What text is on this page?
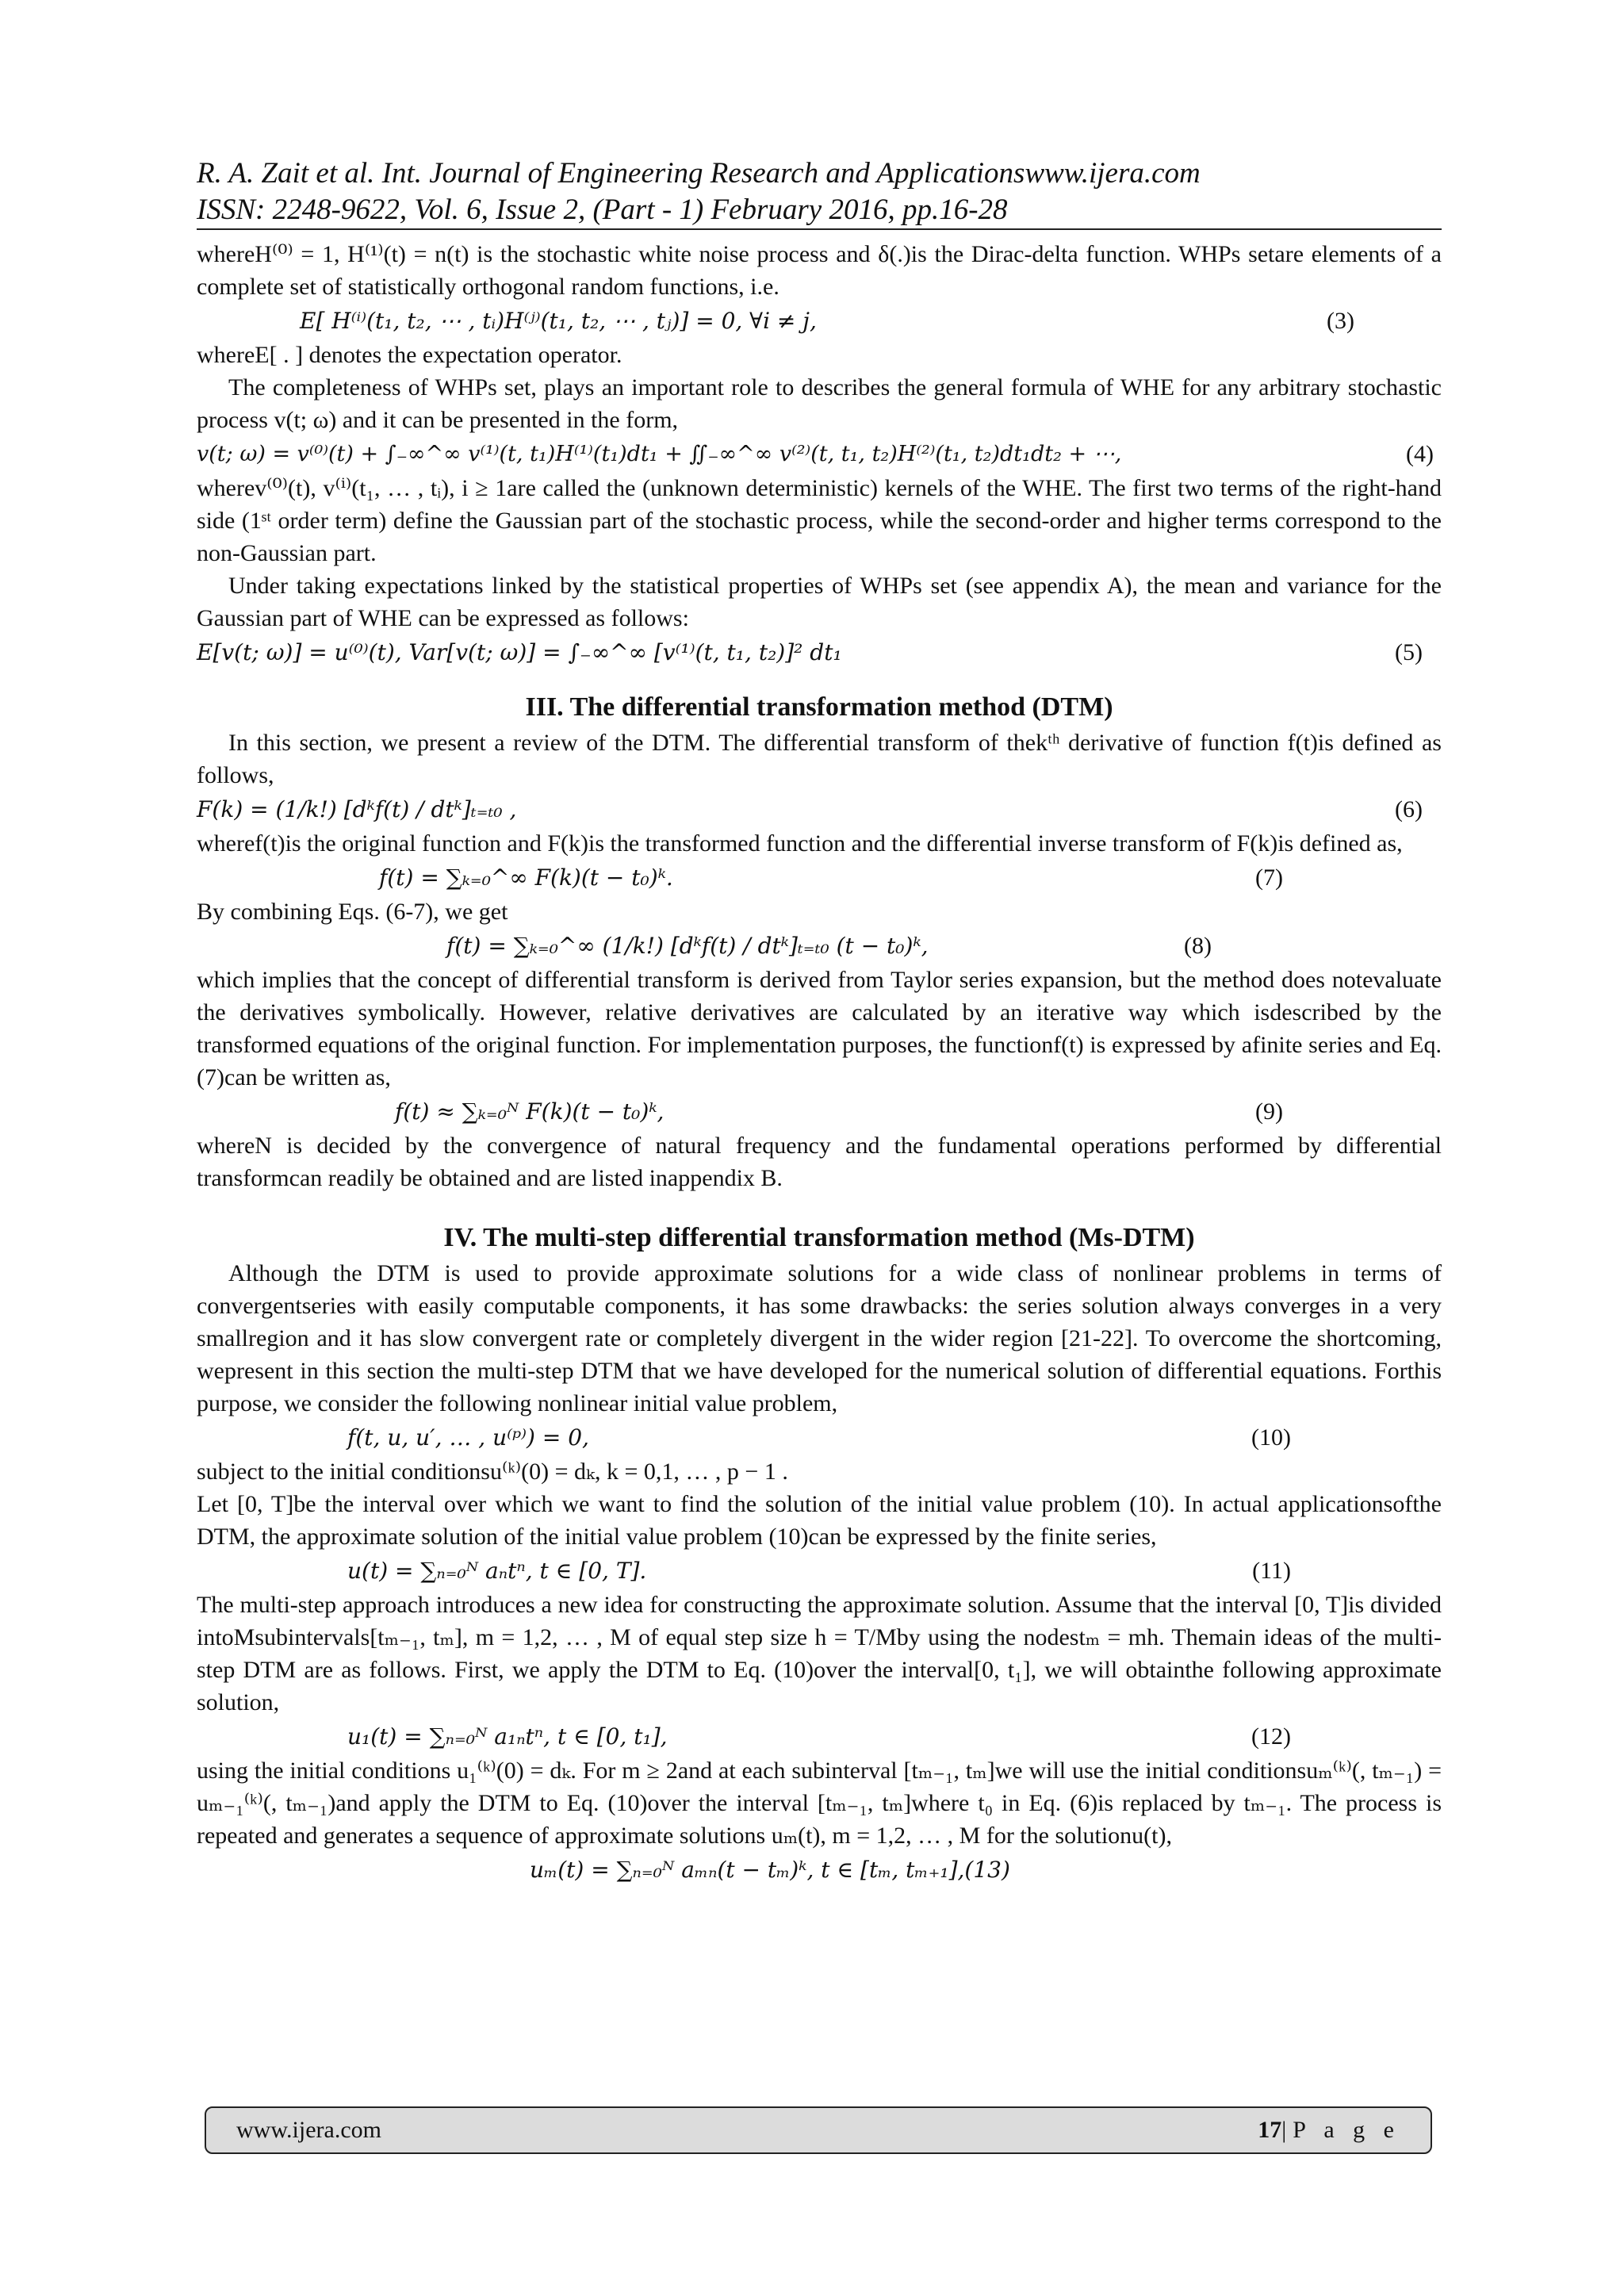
R. A. Zait et al. Int. Journal of Engineering Research and Applicationswww.ijera.com
ISSN: 2248-9622, Vol. 6, Issue 2, (Part - 1) February 2016, pp.16-28

whereH⁽⁰⁾ = 1, H⁽¹⁾(t) = n(t) is the stochastic white noise process and δ(.)is the Dirac-delta function. WHPs setare elements of a complete set of statistically orthogonal random functions, i.e.

E[ H⁽ⁱ⁾(t₁, t₂, ⋯ , tᵢ)H⁽ʲ⁾(t₁, t₂, ⋯ , tⱼ)] = 0, ∀i ≠ j,	(3)

whereE[ . ] denotes the expectation operator.

The completeness of WHPs set, plays an important role to describes the general formula of WHE for any arbitrary stochastic process v(t; ω) and it can be presented in the form,

v(t; ω) = v⁽⁰⁾(t) + ∫₋∞^∞ v⁽¹⁾(t, t₁)H⁽¹⁾(t₁)dt₁ + ∬₋∞^∞ v⁽²⁾(t, t₁, t₂)H⁽²⁾(t₁, t₂)dt₁dt₂ + ⋯,	(4)

wherev⁽⁰⁾(t), v⁽ⁱ⁾(t₁, … , tᵢ), i ≥ 1are called the (unknown deterministic) kernels of the WHE. The first two terms of the right-hand side (1ˢᵗ order term) define the Gaussian part of the stochastic process, while the second-order and higher terms correspond to the non-Gaussian part.

Under taking expectations linked by the statistical properties of WHPs set (see appendix A), the mean and variance for the Gaussian part of WHE can be expressed as follows:

E[v(t; ω)] = u⁽⁰⁾(t), Var[v(t; ω)] = ∫₋∞^∞ [v⁽¹⁾(t, t₁, t₂)]² dt₁	(5)
III. The differential transformation method (DTM)

In this section, we present a review of the DTM. The differential transform of thekᵗʰ derivative of function f(t)is defined as follows,

F(k) = (1/k!) [dᵏf(t) / dtᵏ]ₜ₌ₜ₀ ,	(6)

wheref(t)is the original function and F(k)is the transformed function and the differential inverse transform of F(k)is defined as,

f(t) = ∑ₖ₌₀^∞ F(k)(t − t₀)ᵏ.	(7)

By combining Eqs. (6-7), we get

f(t) = ∑ₖ₌₀^∞ (1/k!) [dᵏf(t) / dtᵏ]ₜ₌ₜ₀ (t − t₀)ᵏ,	(8)

which implies that the concept of differential transform is derived from Taylor series expansion, but the method does notevaluate the derivatives symbolically. However, relative derivatives are calculated by an iterative way which isdescribed by the transformed equations of the original function. For implementation purposes, the functionf(t) is expressed by afinite series and Eq. (7)can be written as,

f(t) ≈ ∑ₖ₌₀ᴺ F(k)(t − t₀)ᵏ,	(9)

whereN is decided by the convergence of natural frequency and the fundamental operations performed by differential transformcan readily be obtained and are listed inappendix B.

IV. The multi-step differential transformation method (Ms-DTM)

Although the DTM is used to provide approximate solutions for a wide class of nonlinear problems in terms of convergentseries with easily computable components, it has some drawbacks: the series solution always converges in a very smallregion and it has slow convergent rate or completely divergent in the wider region [21-22]. To overcome the shortcoming, wepresent in this section the multi-step DTM that we have developed for the numerical solution of differential equations. Forthis purpose, we consider the following nonlinear initial value problem,

f(t, u, u′, … , u⁽ᵖ⁾) = 0,	(10)

subject to the initial conditionsu⁽ᵏ⁾(0) = dₖ, k = 0,1, … , p − 1 .

Let [0, T]be the interval over which we want to find the solution of the initial value problem (10). In actual applicationsofthe DTM, the approximate solution of the initial value problem (10)can be expressed by the finite series,

u(t) = ∑ₙ₌₀ᴺ aₙtⁿ, t ∈ [0, T].	(11)

The multi-step approach introduces a new idea for constructing the approximate solution. Assume that the interval [0, T]is divided intoMsubintervals[tₘ₋₁, tₘ], m = 1,2, … , M of equal step size h = T/Mby using the nodestₘ = mh. Themain ideas of the multi-step DTM are as follows. First, we apply the DTM to Eq. (10)over the interval[0, t₁], we will obtainthe following approximate solution,

u₁(t) = ∑ₙ₌₀ᴺ a₁ₙtⁿ, t ∈ [0, t₁],	(12)

using the initial conditions u₁⁽ᵏ⁾(0) = dₖ. For m ≥ 2and at each subinterval [tₘ₋₁, tₘ]we will use the initial conditionsuₘ⁽ᵏ⁾(, tₘ₋₁) = uₘ₋₁⁽ᵏ⁾(, tₘ₋₁)and apply the DTM to Eq. (10)over the interval [tₘ₋₁, tₘ]where t₀ in Eq. (6)is replaced by tₘ₋₁. The process is repeated and generates a sequence of approximate solutions uₘ(t), m = 1,2, … , M for the solutionu(t),

uₘ(t) = ∑ₙ₌₀ᴺ aₘₙ(t − tₘ)ᵏ, t ∈ [tₘ, tₘ₊₁],(13)
www.ijera.com	17|P a g e
